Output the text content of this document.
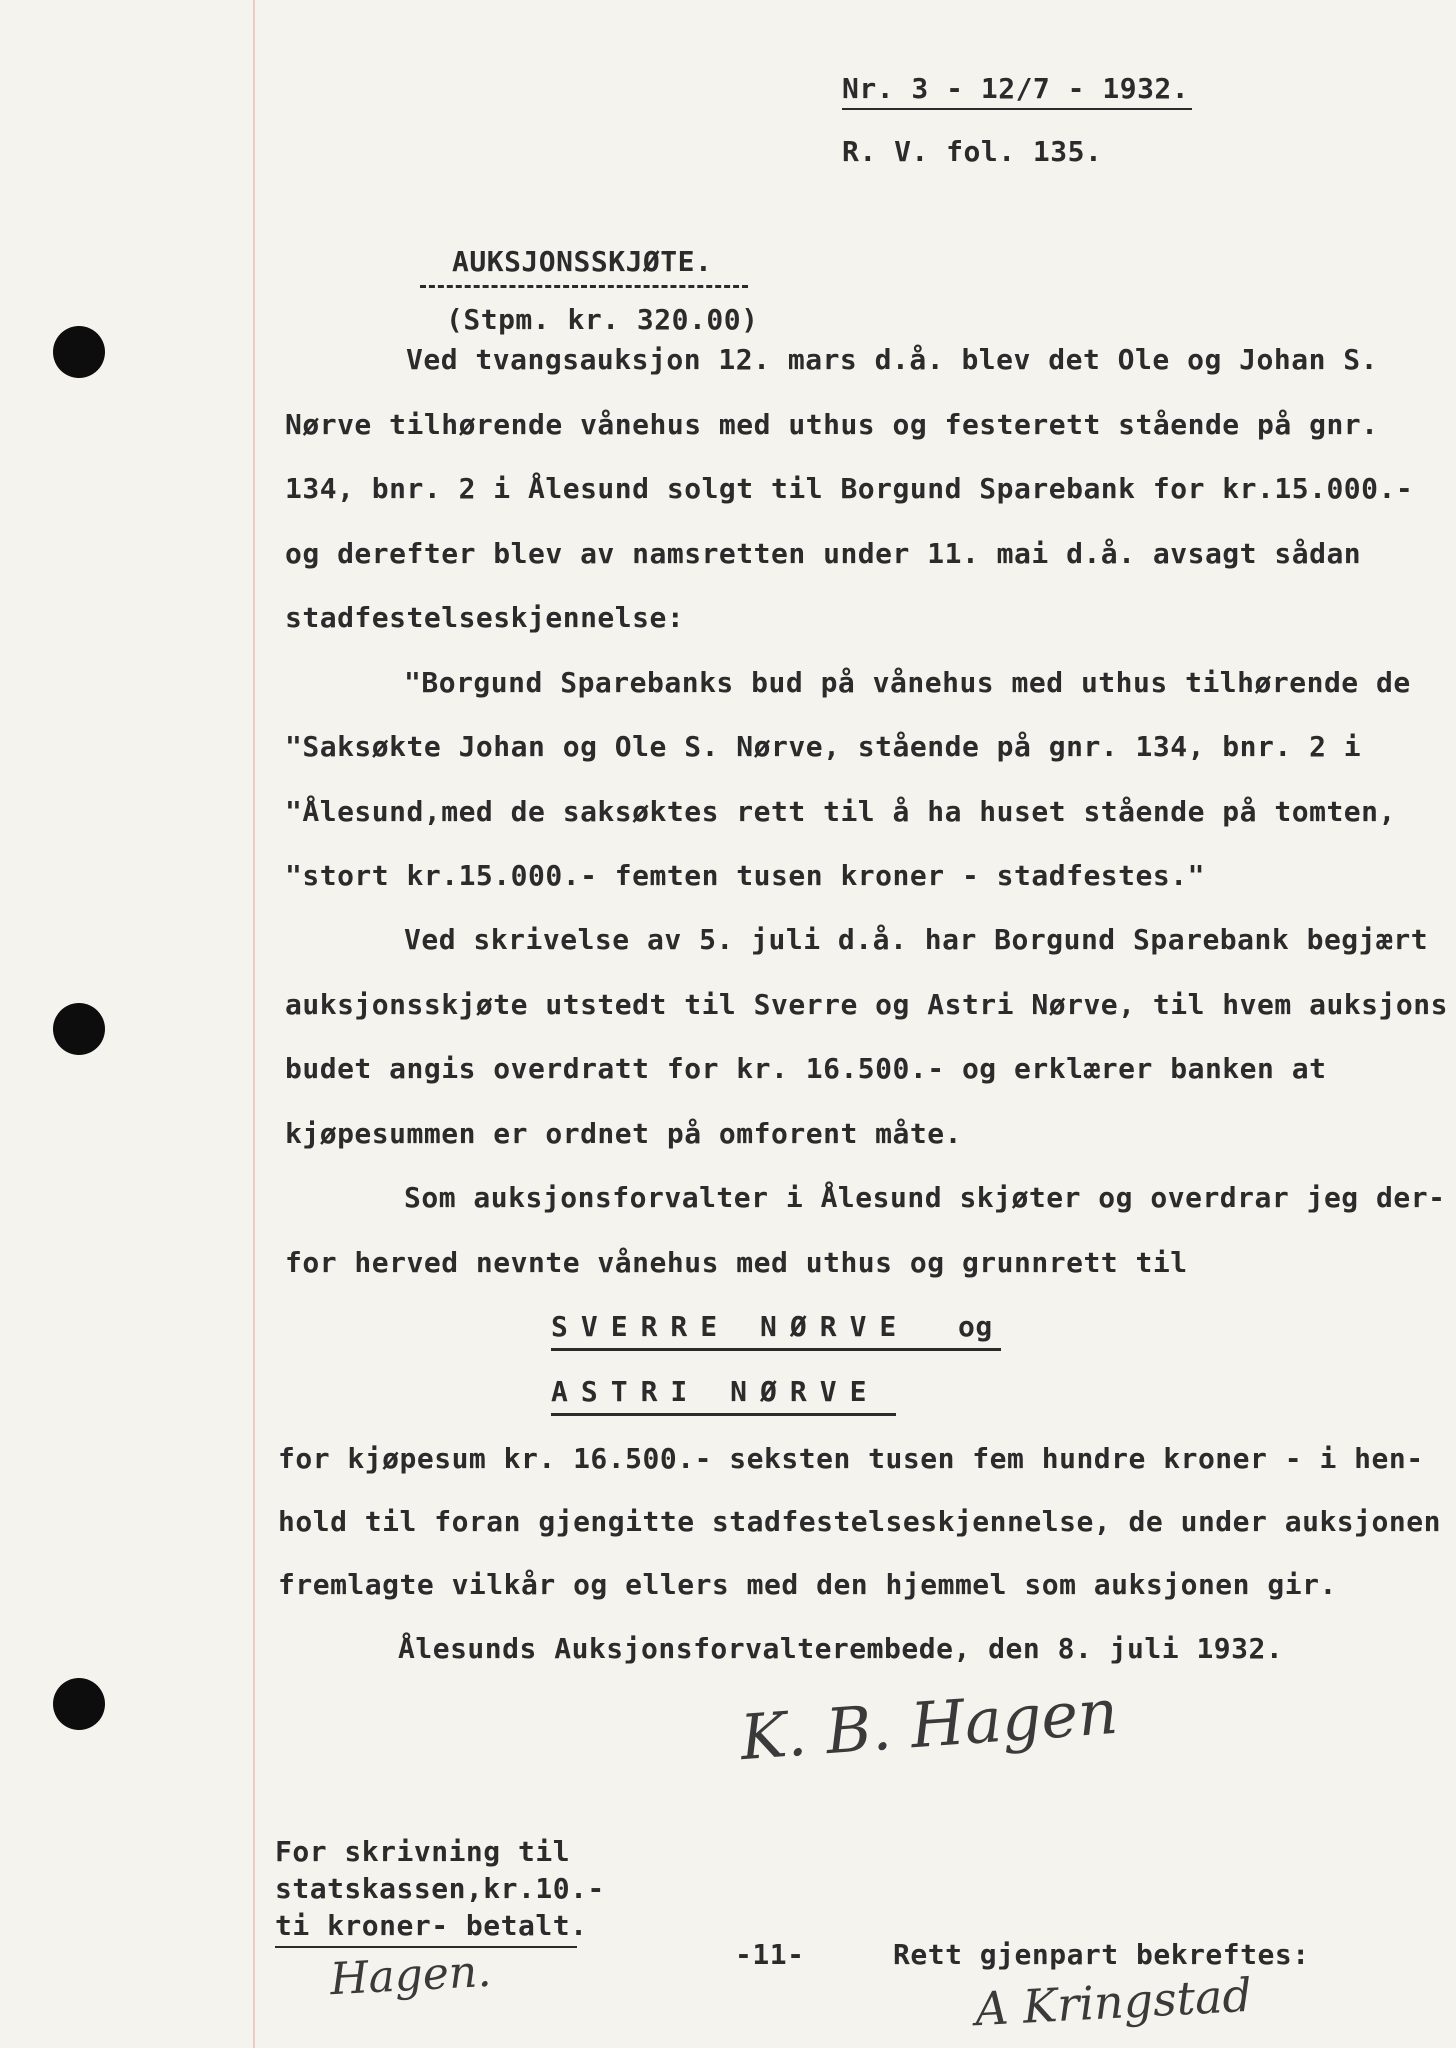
Nr. 3 - 12/7 - 1932.
R. V. fol. 135.
AUKSJONSSKJØTE.
(Stpm. kr. 320.00)
Ved tvangsauksjon 12. mars d.å. blev det Ole og Johan S.
Nørve tilhørende vånehus med uthus og festerett stående på gnr.
134, bnr. 2 i Ålesund solgt til Borgund Sparebank for kr.15.000.-
og derefter blev av namsretten under 11. mai d.å. avsagt sådan
stadfestelseskjennelse:
"Borgund Sparebanks bud på vånehus med uthus tilhørende de
"Saksøkte Johan og Ole S. Nørve, stående på gnr. 134, bnr. 2 i
"Ålesund,med de saksøktes rett til å ha huset stående på tomten,
"stort kr.15.000.- femten tusen kroner - stadfestes."
Ved skrivelse av 5. juli d.å. har Borgund Sparebank begjært
auksjonsskjøte utstedt til Sverre og Astri Nørve, til hvem auksjons
budet angis overdratt for kr. 16.500.- og erklærer banken at
kjøpesummen er ordnet på omforent måte.
Som auksjonsforvalter i Ålesund skjøter og overdrar jeg der-
for herved nevnte vånehus med uthus og grunnrett til
SVERRE NØRVE og
ASTRI NØRVE
for kjøpesum kr. 16.500.- seksten tusen fem hundre kroner - i hen-
hold til foran gjengitte stadfestelseskjennelse, de under auksjonen
fremlagte vilkår og ellers med den hjemmel som auksjonen gir.
Ålesunds Auksjonsforvalterembede, den 8. juli 1932.
K. B. Hagen
For skrivning til
statskassen,kr.10.-
ti kroner- betalt.
Hagen.	-11-	Rett gjenpart bekreftes:
A Kringstad
